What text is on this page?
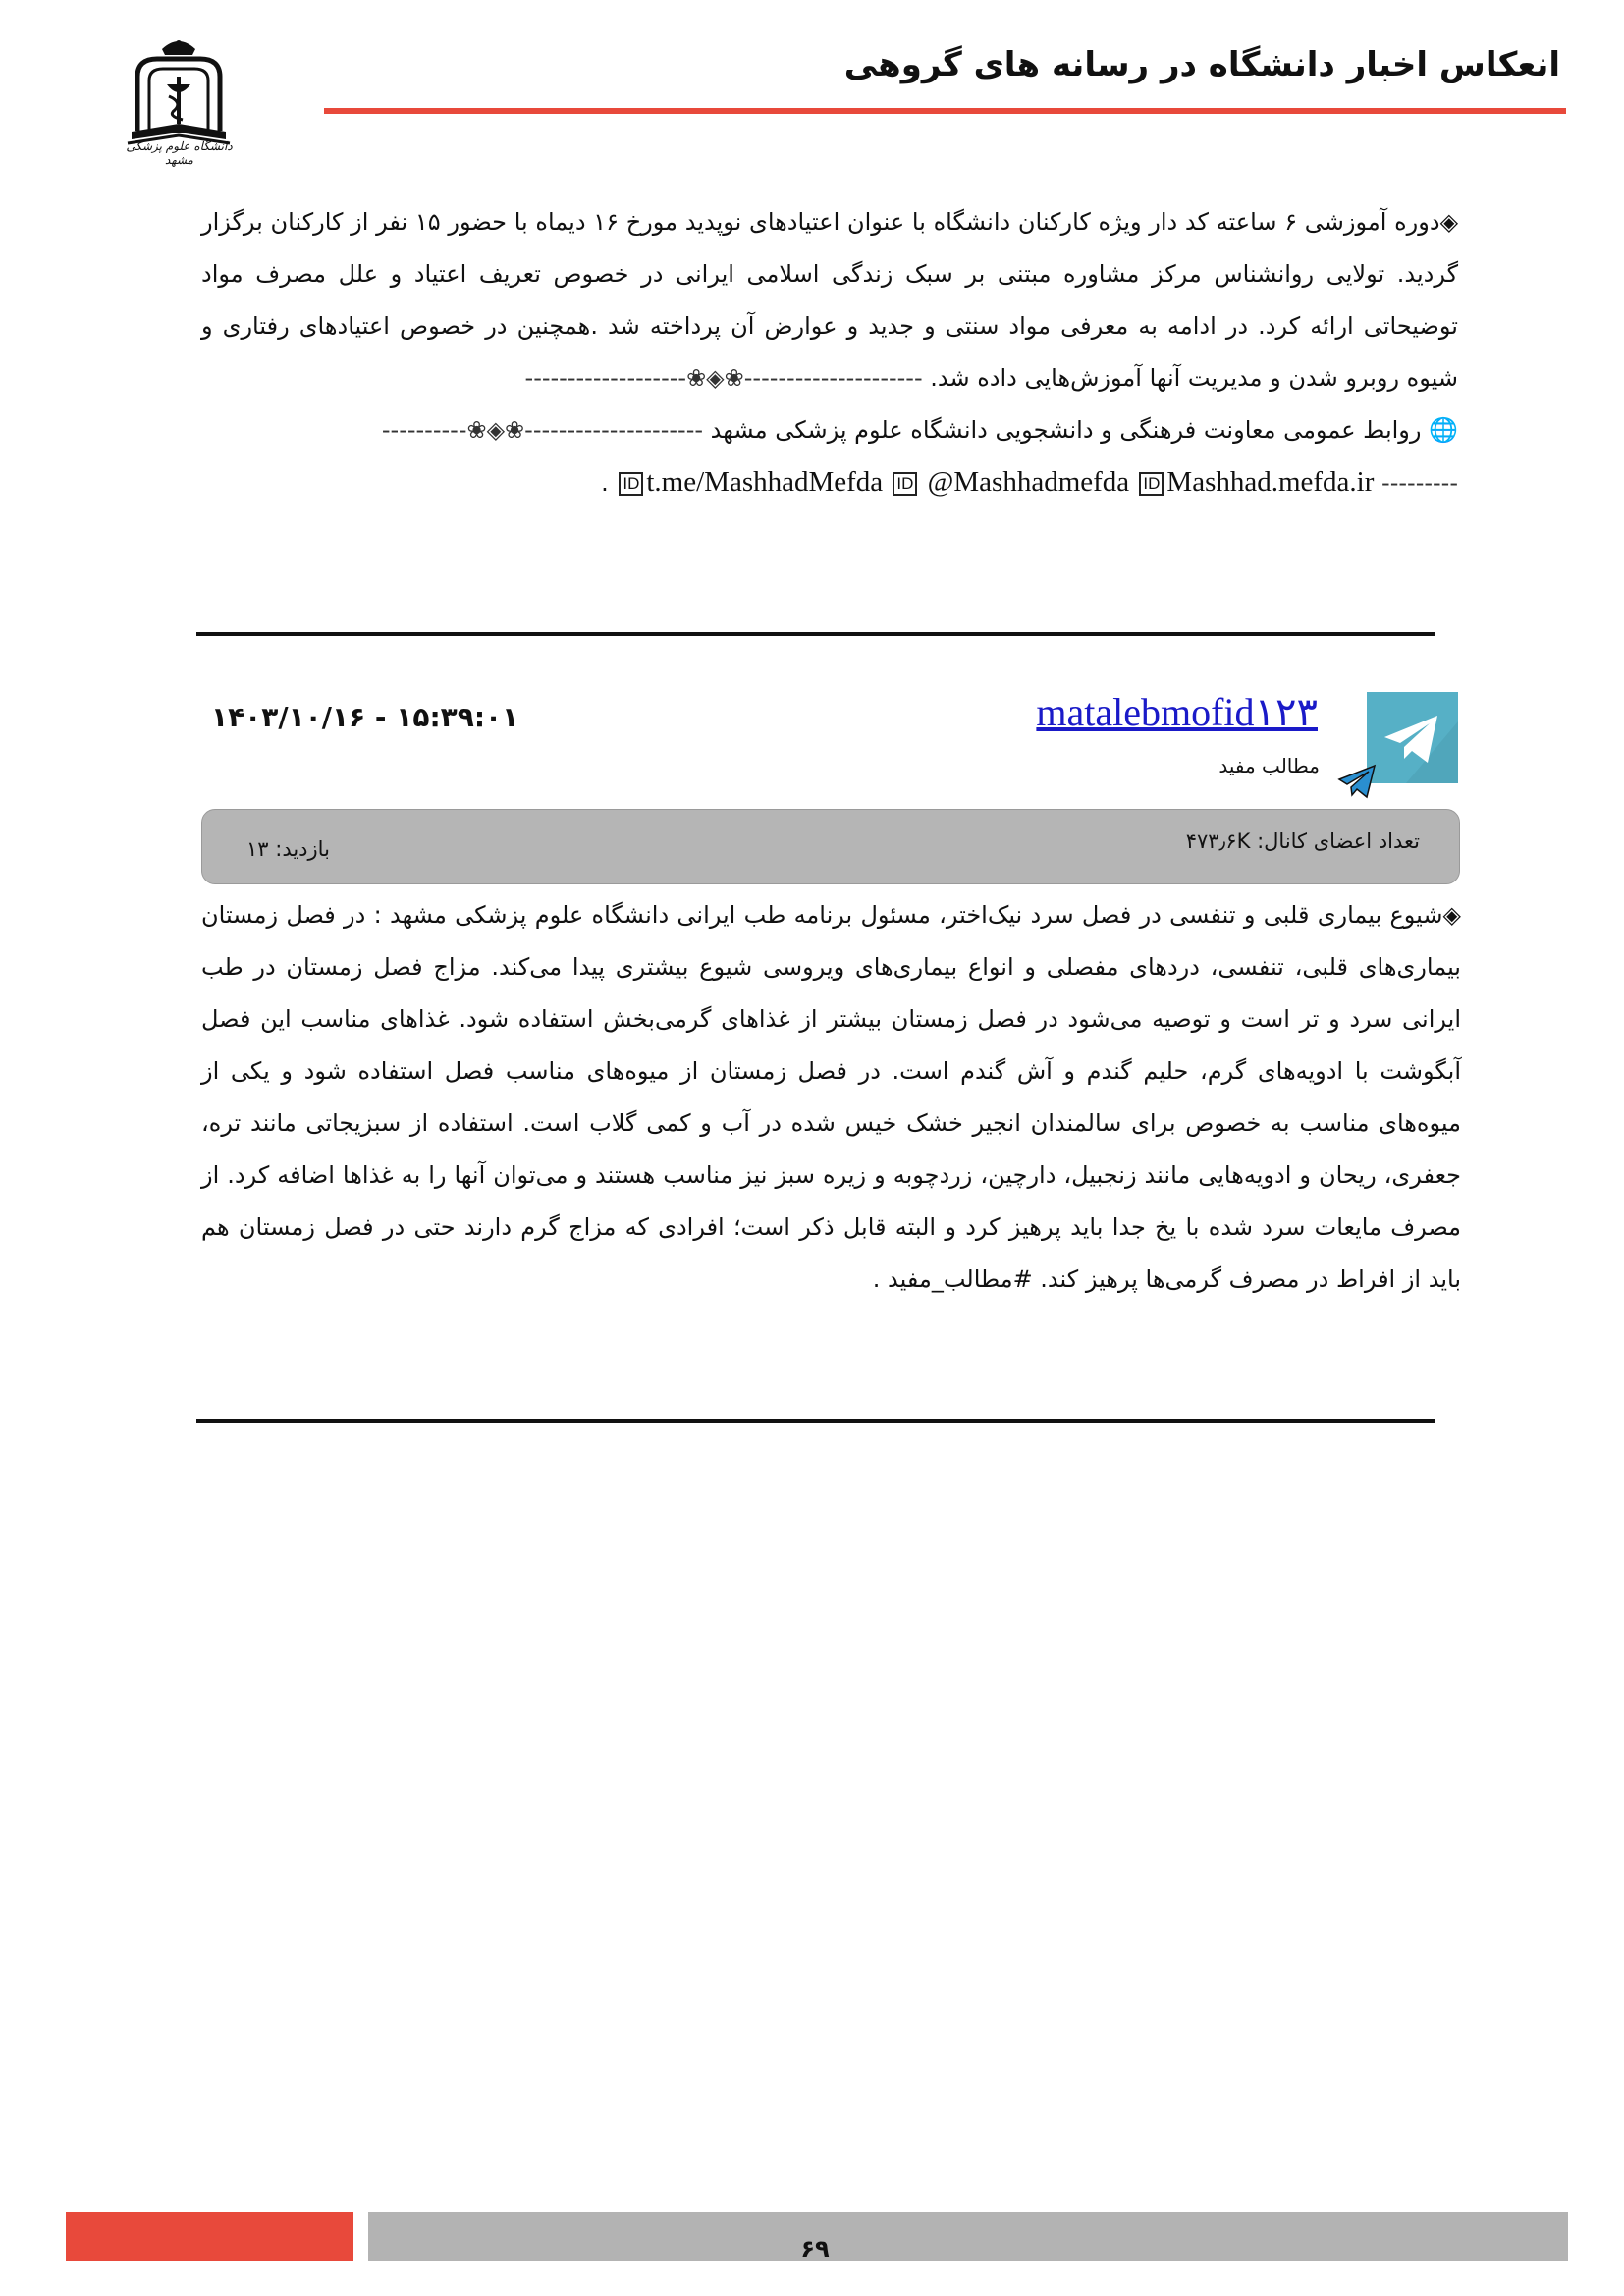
انعکاس اخبار دانشگاه در رسانه های گروهی
دانشگاه علوم پزشکی مشهد
◈دوره آموزشی ۶ ساعته کد دار ویژه کارکنان دانشگاه با عنوان اعتیادهای نوپدید مورخ ۱۶ دیماه با حضور ۱۵ نفر از کارکنان برگزار گردید. تولایی روانشناس مرکز مشاوره مبتنی بر سبک زندگی اسلامی ایرانی در خصوص تعریف اعتیاد و علل مصرف مواد توضیحاتی ارائه کرد. در ادامه به معرفی مواد سنتی و جدید و عوارض آن پرداخته شد .همچنین در خصوص اعتیادهای رفتاری و شیوه روبرو شدن و مدیریت آنها آموزش‌هایی داده شد. ---------------------❀◈❀-------------------
🌐 روابط عمومی معاونت فرهنگی و دانشجویی دانشگاه علوم پزشکی مشهد ---------------------❀◈❀----------
--------- ID t.me/MashhadMefda ID @Mashhadmefda ID Mashhad.mefda.ir .
matalebmofid۱۲۳
مطالب مفید
۱۴۰۳/۱۰/۱۶ - ۱۵:۳۹:۰۱
تعداد اعضای کانال: ۴۷۳٫۶K
بازدید: ۱۳
◈شیوع بیماری قلبی و تنفسی در فصل سرد نیک‌اختر، مسئول برنامه طب ایرانی دانشگاه علوم پزشکی مشهد : در فصل زمستان بیماری‌های قلبی، تنفسی، دردهای مفصلی و انواع بیماری‌های ویروسی شیوع بیشتری پیدا می‌کند. مزاج فصل زمستان در طب ایرانی سرد و تر است و توصیه می‌شود در فصل زمستان بیشتر از غذاهای گرمی‌بخش استفاده شود. غذاهای مناسب این فصل آبگوشت با ادویه‌های گرم، حلیم گندم و آش گندم است. در فصل زمستان از میوه‌های مناسب فصل استفاده شود و یکی از میوه‌های مناسب به خصوص برای سالمندان انجیر خشک خیس شده در آب و کمی گلاب است. استفاده از سبزیجاتی مانند تره، جعفری، ریحان و ادویه‌هایی مانند زنجبیل، دارچین، زردچوبه و زیره سبز نیز مناسب هستند و می‌توان آنها را به غذاها اضافه کرد. از مصرف مایعات سرد شده با یخ جدا باید پرهیز کرد و البته قابل ذکر است؛ افرادی که مزاج گرم دارند حتی در فصل زمستان هم باید از افراط در مصرف گرمی‌ها پرهیز کند. #مطالب_مفید .
۶۹
